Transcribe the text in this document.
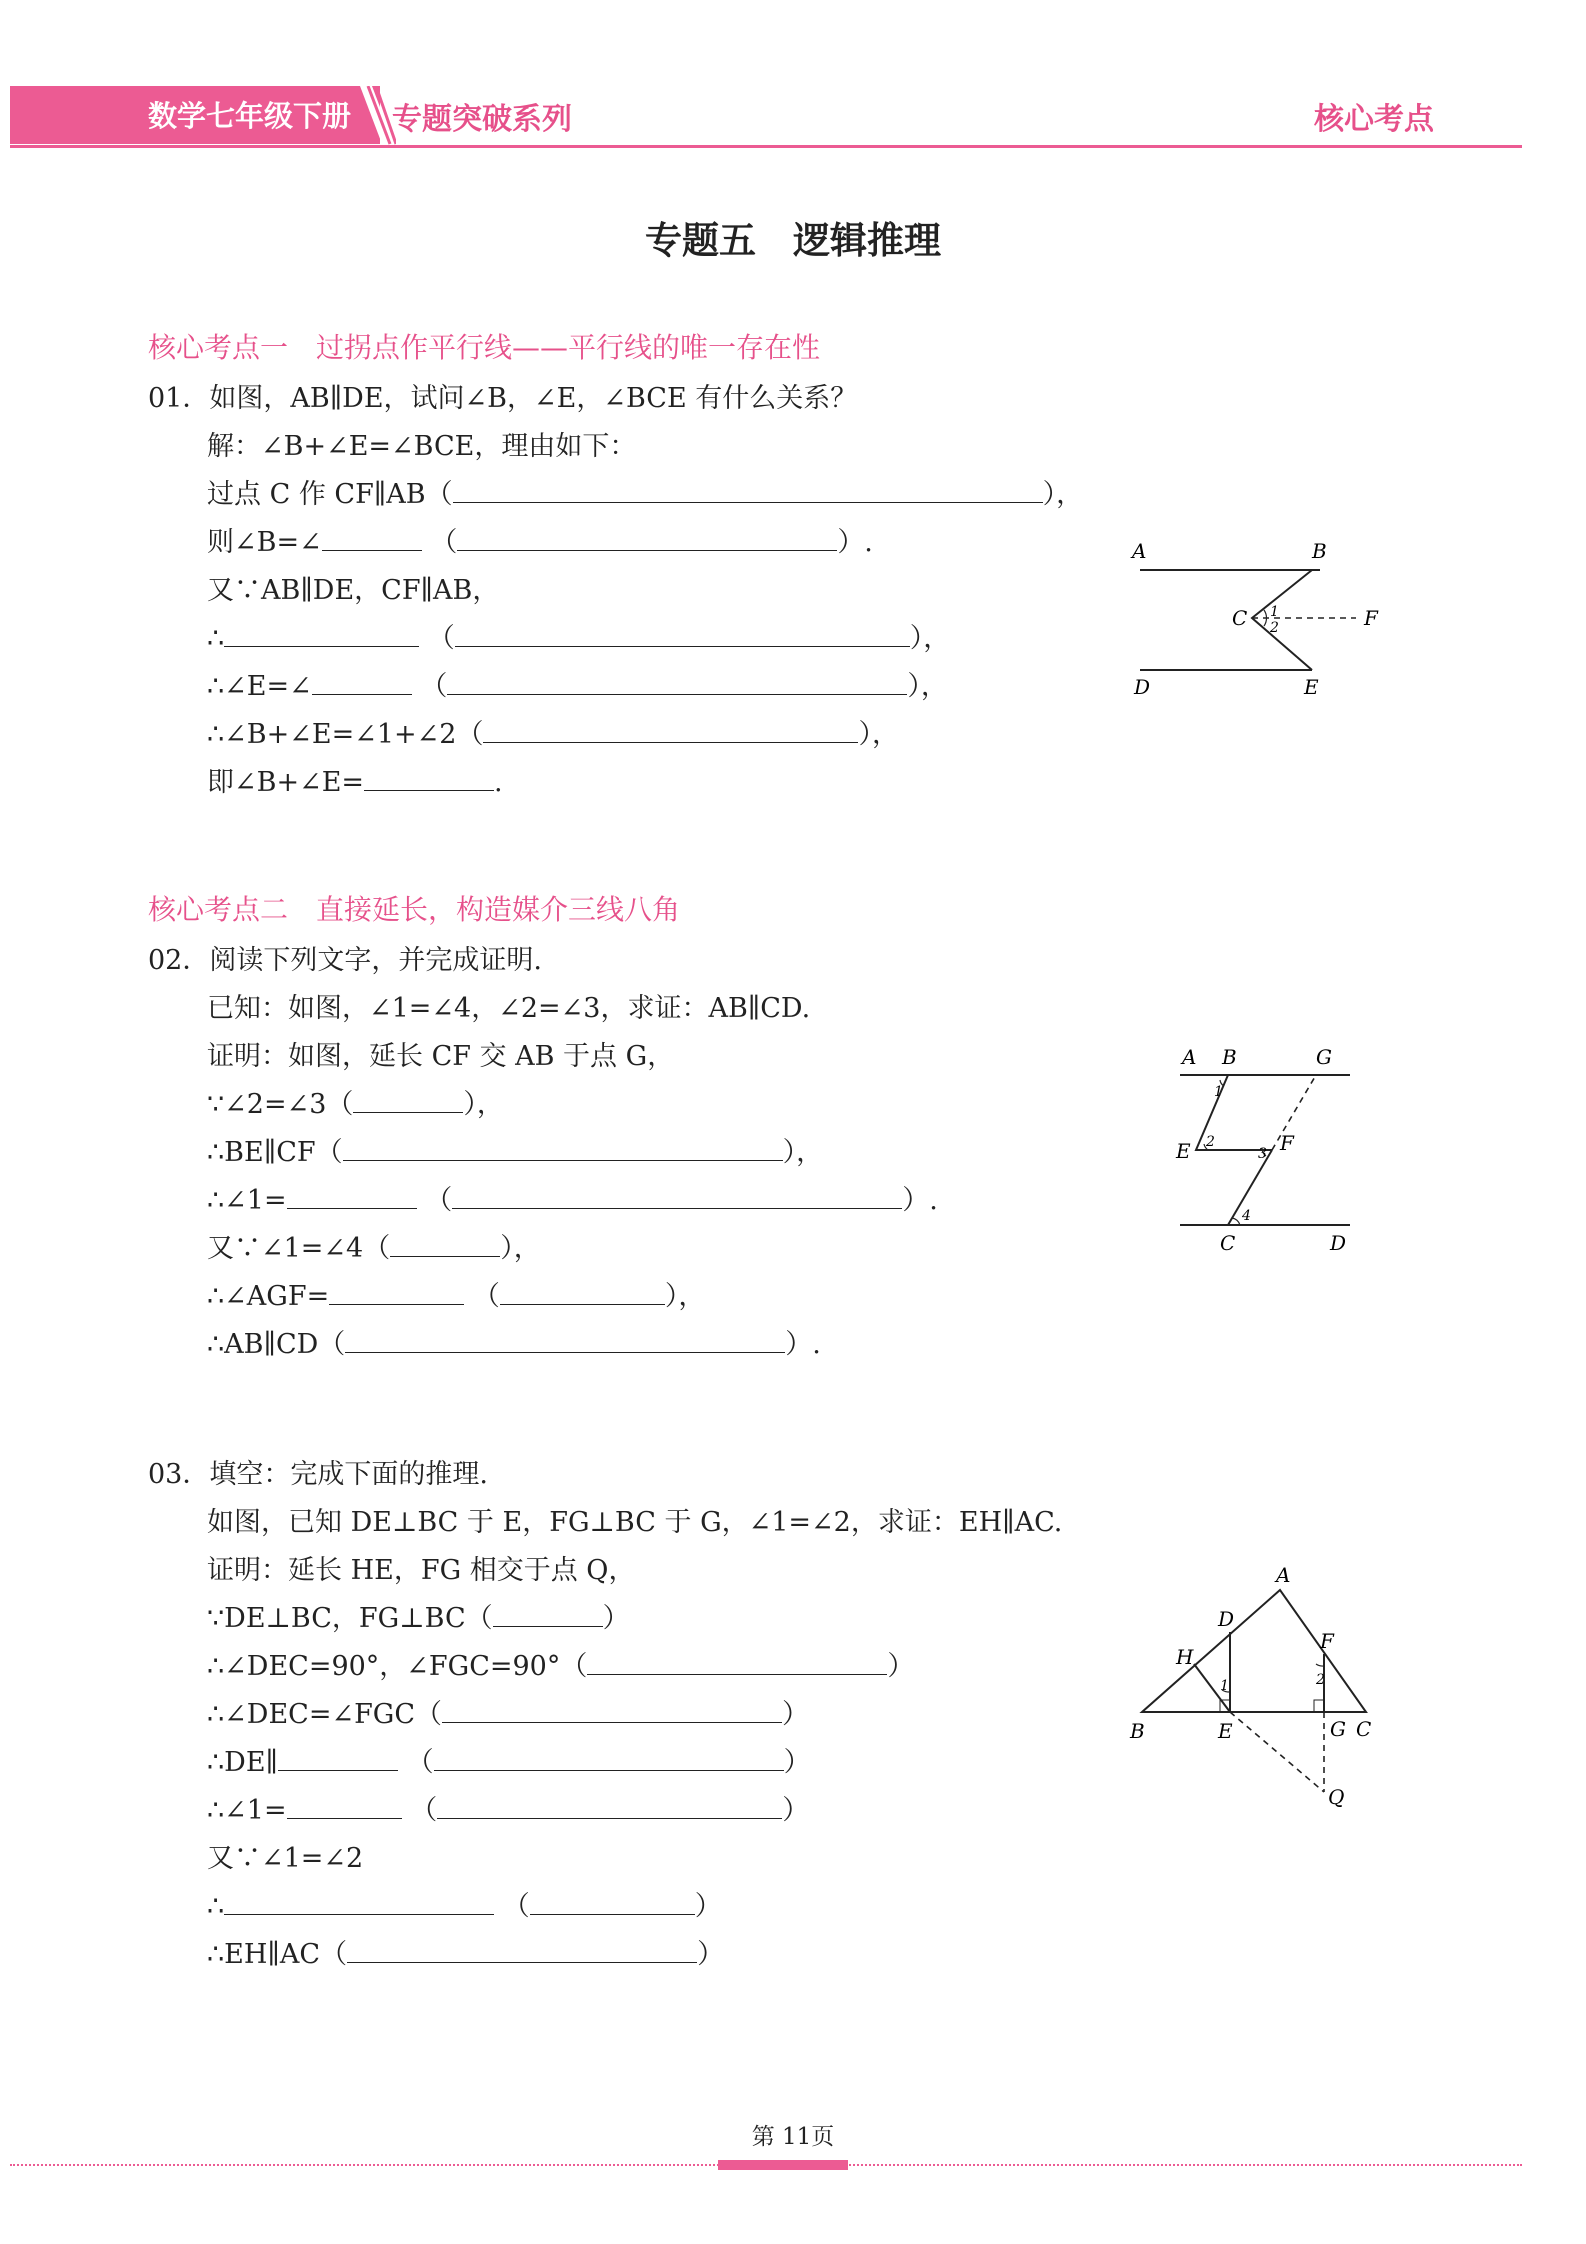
数学七年级下册 专题突破系列	核心考点
专题五　逻辑推理
核心考点一　过拐点作平行线——平行线的唯一存在性
01．如图，AB∥DE，试问∠B，∠E，∠BCE 有什么关系？
解：∠B+∠E=∠BCE，理由如下：
过点 C 作 CF∥AB（	），
则∠B=∠	（	）.
又∵AB∥DE，CF∥AB，
∴	（	），
∴∠E=∠	（	），
∴∠B+∠E=∠1+∠2（	），
即∠B+∠E=	.
A	B
C	F
D	E
1
2
核心考点二　直接延长，构造媒介三线八角
02．阅读下列文字，并完成证明.
已知：如图，∠1=∠4，∠2=∠3，求证：AB∥CD.
证明：如图，延长 CF 交 AB 于点 G，
∵∠2=∠3（	），
∴BE∥CF（	），
∴∠1=	（	）.
又∵∠1=∠4（	），
∴∠AGF=	（	），
∴AB∥CD（	）.
A B	G
1
E 2
3 F
4
C	D
03．填空：完成下面的推理.
如图，已知 DE⊥BC 于 E，FG⊥BC 于 G，∠1=∠2，求证：EH∥AC.
证明：延长 HE，FG 相交于点 Q，
∵DE⊥BC，FG⊥BC（	）
∴∠DEC=90°，∠FGC=90°（	）
∴∠DEC=∠FGC（	）
∴DE∥	（	）
∴∠1=	（	）
又∵∠1=∠2
∴	（	）
∴EH∥AC（	）
A
D
F
H
1	2
B	E	G C
Q
第 11页
